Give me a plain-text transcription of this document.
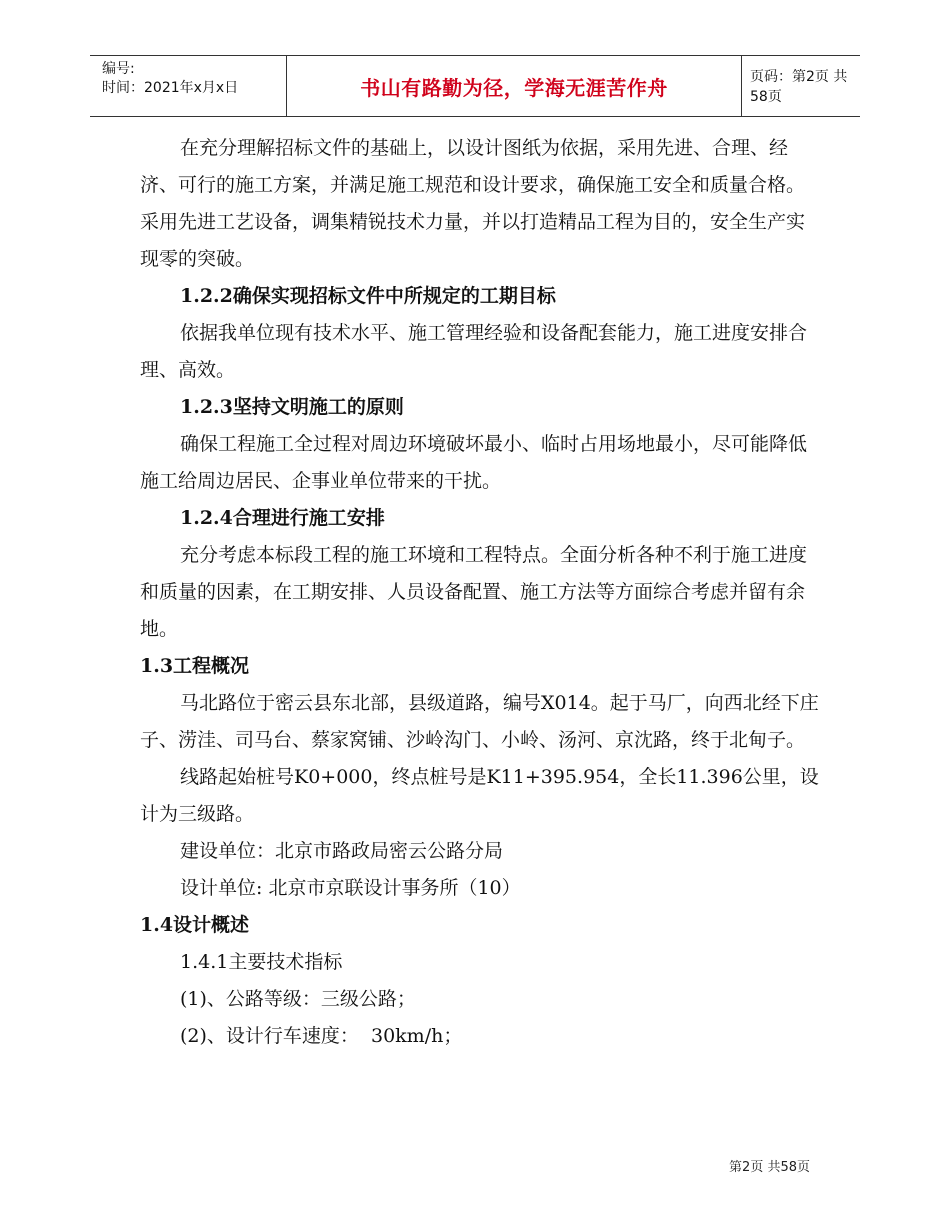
编号:
时间：2021年x月x日	书山有路勤为径，学海无涯苦作舟	页码：第2页 共58页

在充分理解招标文件的基础上，以设计图纸为依据，采用先进、合理、经济、可行的施工方案，并满足施工规范和设计要求，确保施工安全和质量合格。采用先进工艺设备，调集精锐技术力量，并以打造精品工程为目的，安全生产实现零的突破。

1.2.2确保实现招标文件中所规定的工期目标

依据我单位现有技术水平、施工管理经验和设备配套能力，施工进度安排合理、高效。

1.2.3坚持文明施工的原则

确保工程施工全过程对周边环境破坏最小、临时占用场地最小，尽可能降低施工给周边居民、企事业单位带来的干扰。

1.2.4合理进行施工安排

充分考虑本标段工程的施工环境和工程特点。全面分析各种不利于施工进度和质量的因素，在工期安排、人员设备配置、施工方法等方面综合考虑并留有余地。

1.3工程概况

马北路位于密云县东北部，县级道路，编号X014。起于马厂，向西北经下庄子、涝洼、司马台、蔡家窝铺、沙岭沟门、小岭、汤河、京沈路，终于北甸子。

线路起始桩号K0+000，终点桩号是K11+395.954，全长11.396公里，设计为三级路。

建设单位：北京市路政局密云公路分局

设计单位: 北京市京联设计事务所（10）

1.4设计概述

1.4.1主要技术指标

(1)、公路等级：三级公路；

(2)、设计行车速度：  30km/h；

第2页 共58页
